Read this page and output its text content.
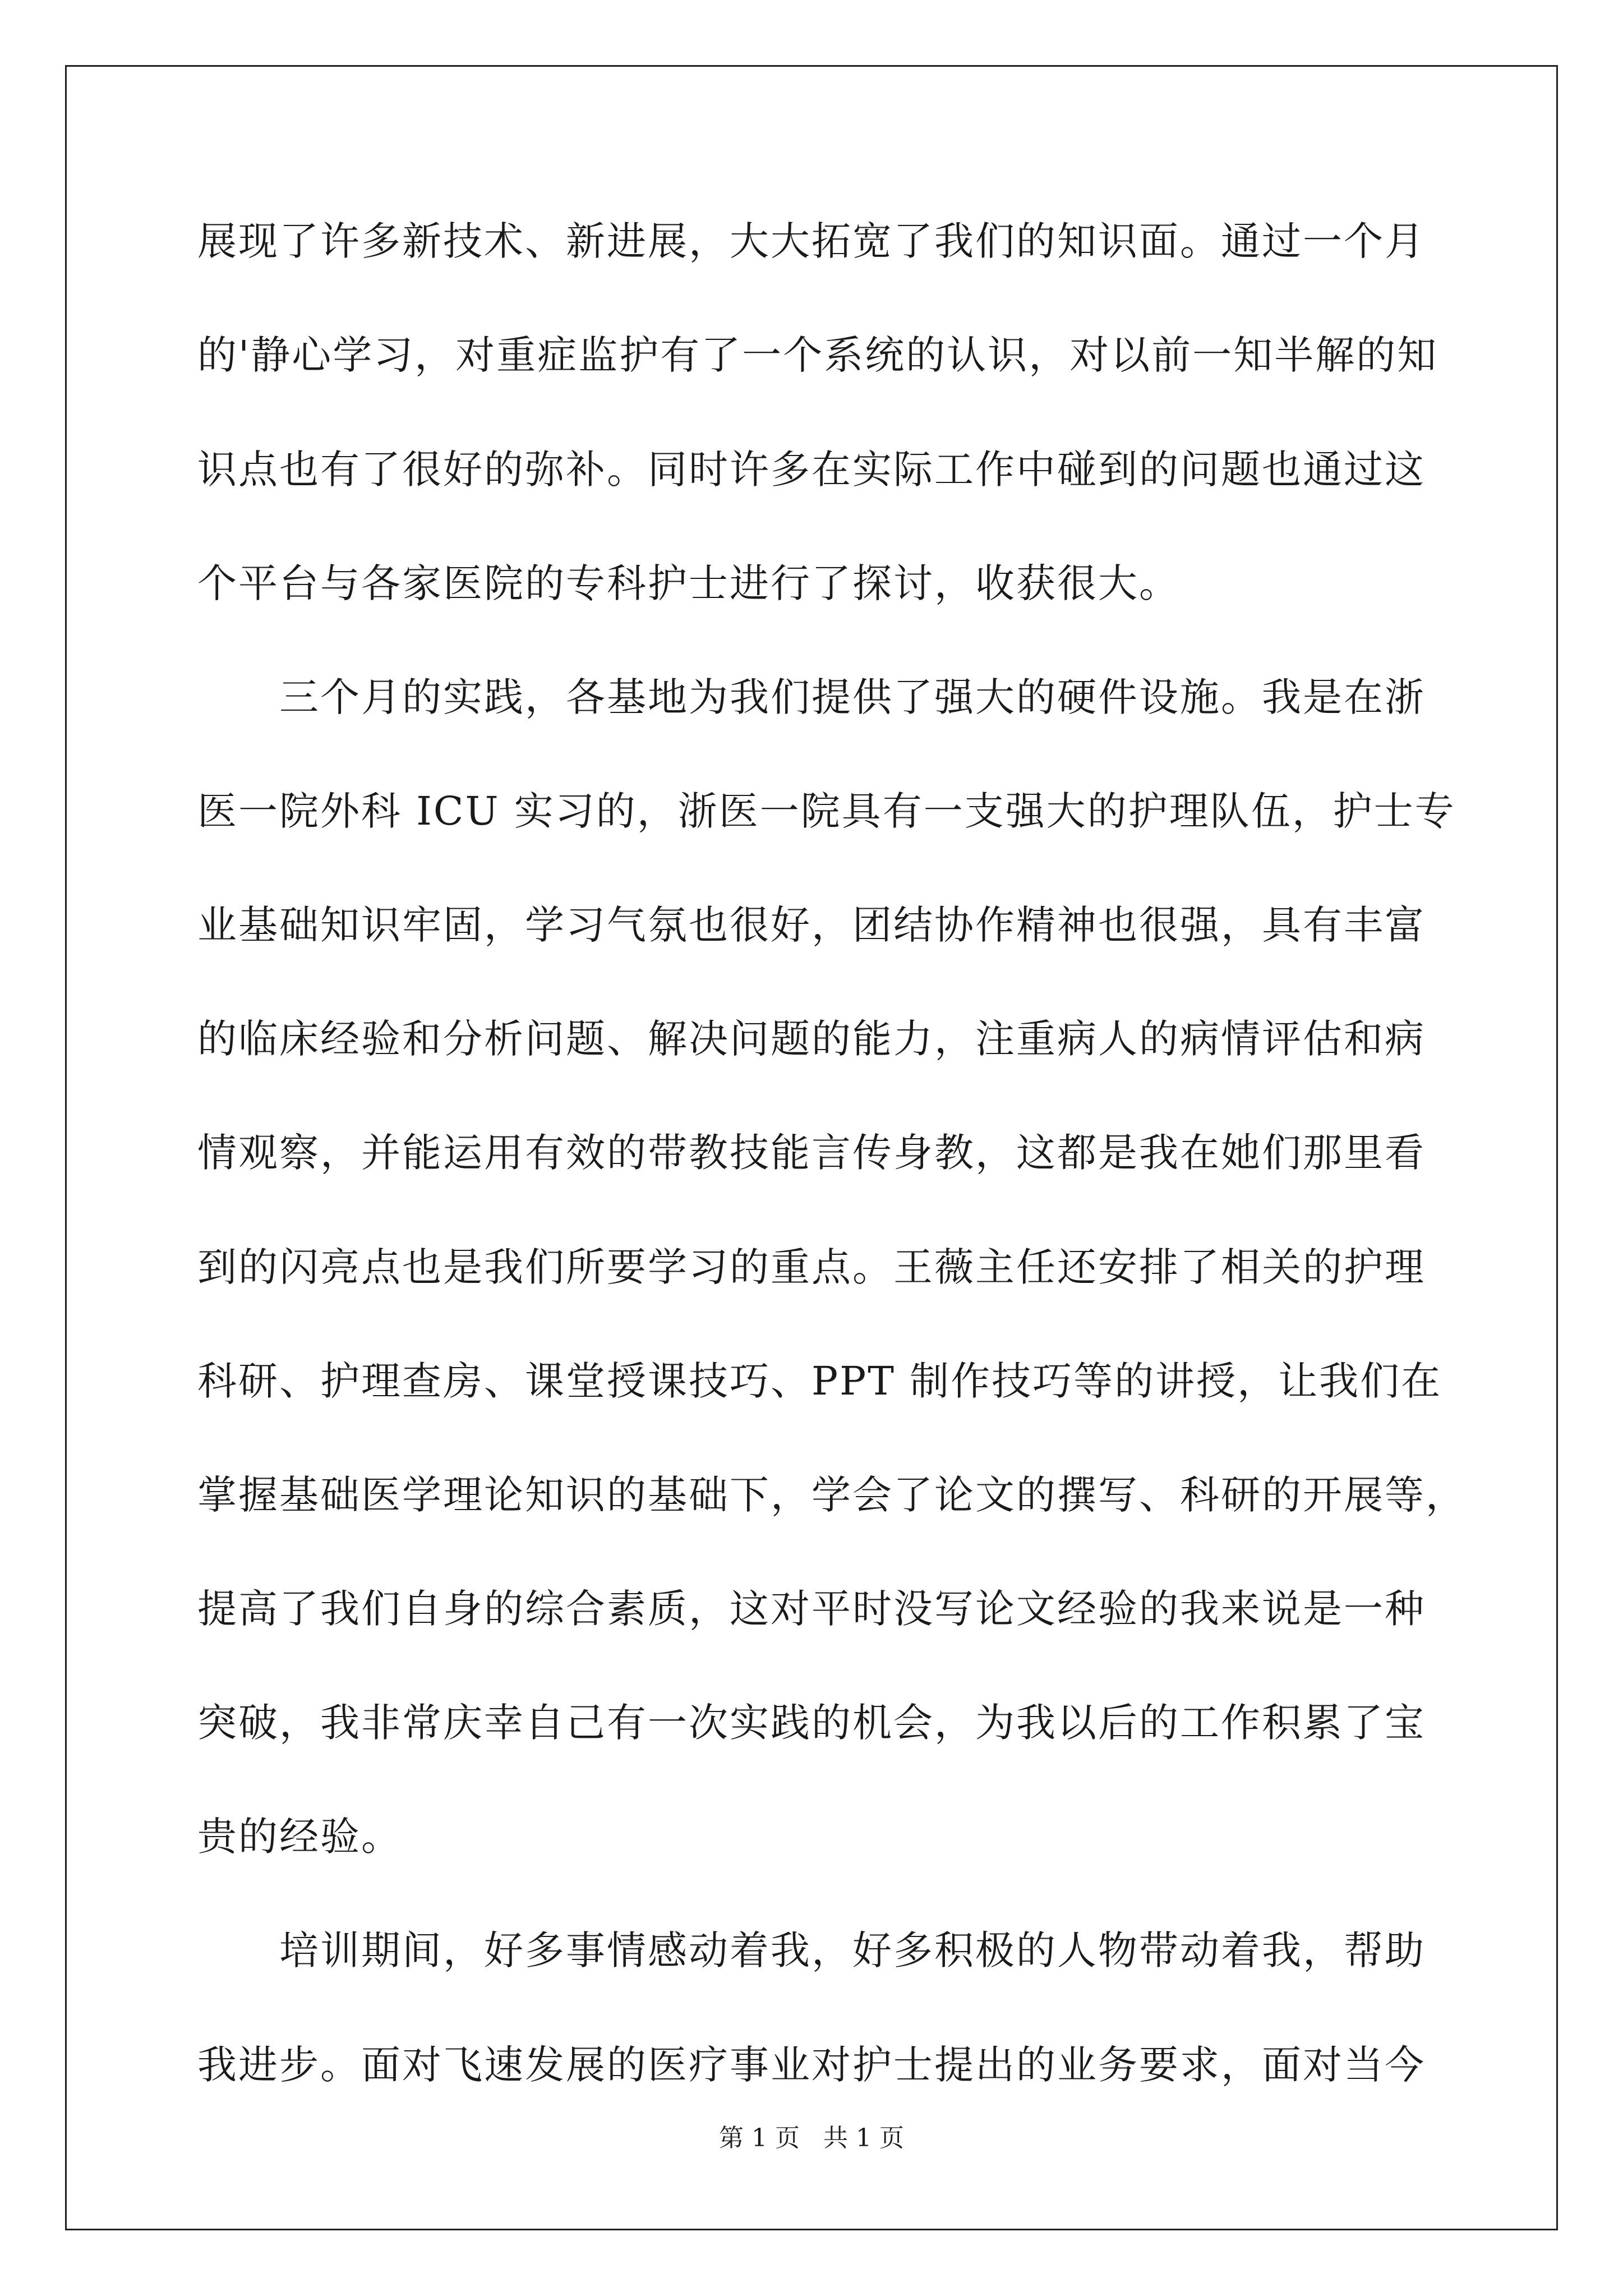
展现了许多新技术、新进展，大大拓宽了我们的知识面。通过一个月
的'静心学习，对重症监护有了一个系统的认识，对以前一知半解的知
识点也有了很好的弥补。同时许多在实际工作中碰到的问题也通过这
个平台与各家医院的专科护士进行了探讨，收获很大。
　　三个月的实践，各基地为我们提供了强大的硬件设施。我是在浙
医一院外科 ICU 实习的，浙医一院具有一支强大的护理队伍，护士专
业基础知识牢固，学习气氛也很好，团结协作精神也很强，具有丰富
的临床经验和分析问题、解决问题的能力，注重病人的病情评估和病
情观察，并能运用有效的带教技能言传身教，这都是我在她们那里看
到的闪亮点也是我们所要学习的重点。王薇主任还安排了相关的护理
科研、护理查房、课堂授课技巧、PPT 制作技巧等的讲授，让我们在
掌握基础医学理论知识的基础下，学会了论文的撰写、科研的开展等，
提高了我们自身的综合素质，这对平时没写论文经验的我来说是一种
突破，我非常庆幸自己有一次实践的机会，为我以后的工作积累了宝
贵的经验。
　　培训期间，好多事情感动着我，好多积极的人物带动着我，帮助
我进步。面对飞速发展的医疗事业对护士提出的业务要求，面对当今
第 1 页   共 1 页
